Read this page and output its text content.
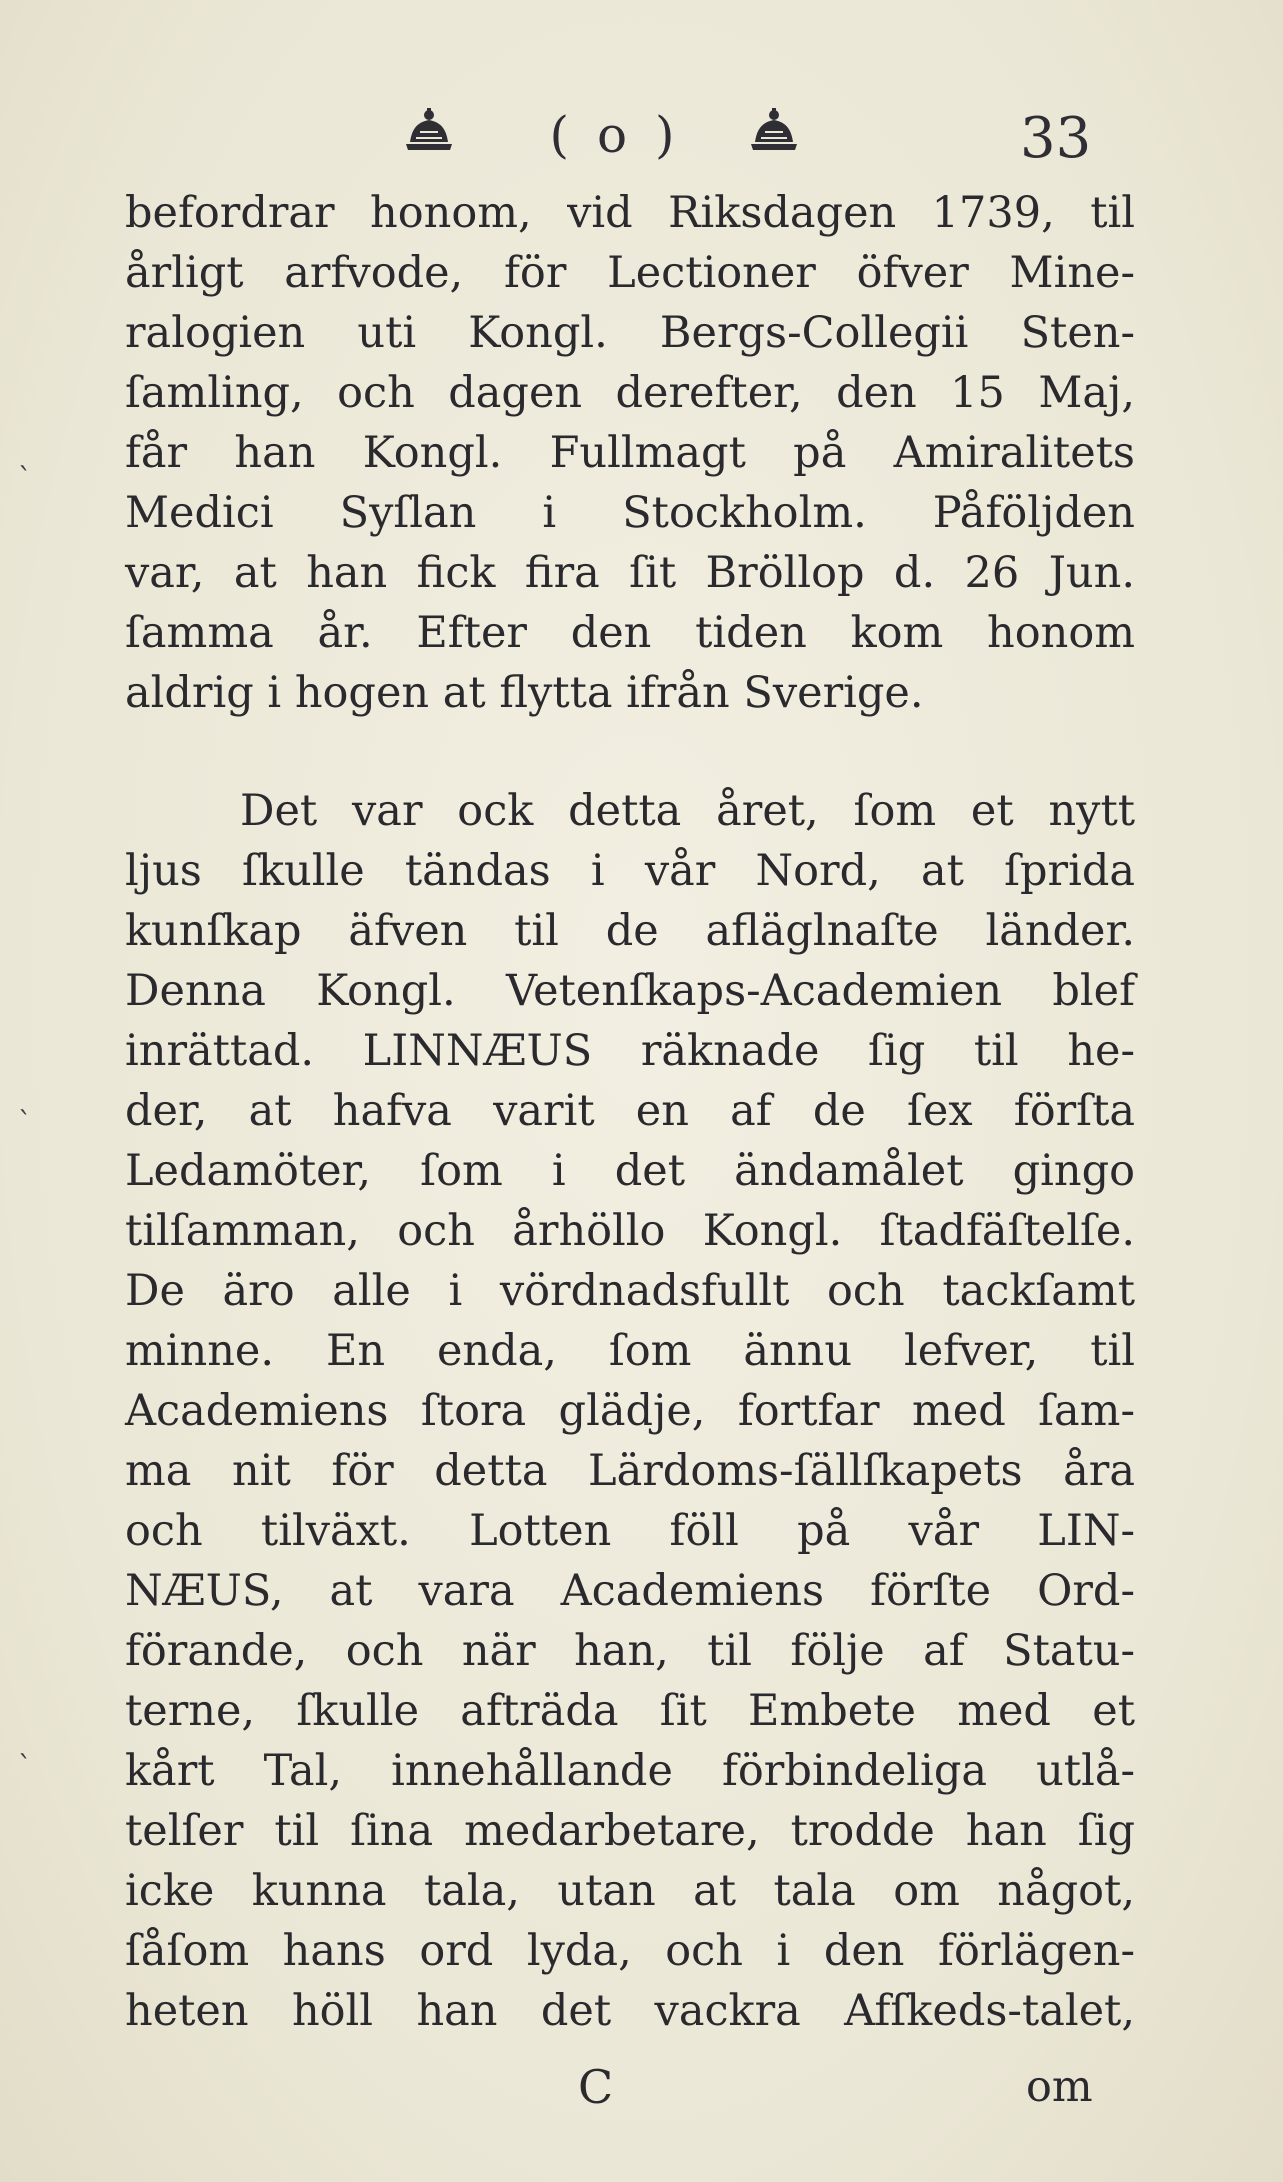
( o )	33
ˋ
ˋ
ˋ
befordrar honom, vid Riksdagen 1739, til
årligt arfvode, för Lectioner öfver Mine-
ralogien uti Kongl. Bergs-Collegii Sten-
ſamling, och dagen derefter, den 15 Maj,
får han Kongl. Fullmagt på Amiralitets
Medici Syſlan i Stockholm. Påföljden
var, at han fick fira ſit Bröllop d. 26 Jun.
ſamma år. Efter den tiden kom honom
aldrig i hogen at flytta ifrån Sverige.
Det var ock detta året, ſom et nytt
ljus ſkulle tändas i vår Nord, at ſprida
kunſkap äfven til de afläglnaſte länder.
Denna Kongl. Vetenſkaps-Academien blef
inrättad. LINNÆUS räknade ſig til he-
der, at hafva varit en af de ſex förſta
Ledamöter, ſom i det ändamålet gingo
tilſamman, och århöllo Kongl. ſtadfäſtelſe.
De äro alle i vördnadsfullt och tackſamt
minne. En enda, ſom ännu lefver, til
Academiens ſtora glädje, fortfar med ſam-
ma nit för detta Lärdoms-ſällſkapets åra
och tilväxt. Lotten föll på vår LIN-
NÆUS, at vara Academiens förſte Ord-
förande, och när han, til följe af Statu-
terne, ſkulle afträda ſit Embete med et
kårt Tal, innehållande förbindeliga utlå-
telſer til ſina medarbetare, trodde han ſig
icke kunna tala, utan at tala om något,
ſåſom hans ord lyda, och i den förlägen-
heten höll han det vackra Afſkeds-talet,
C	om
